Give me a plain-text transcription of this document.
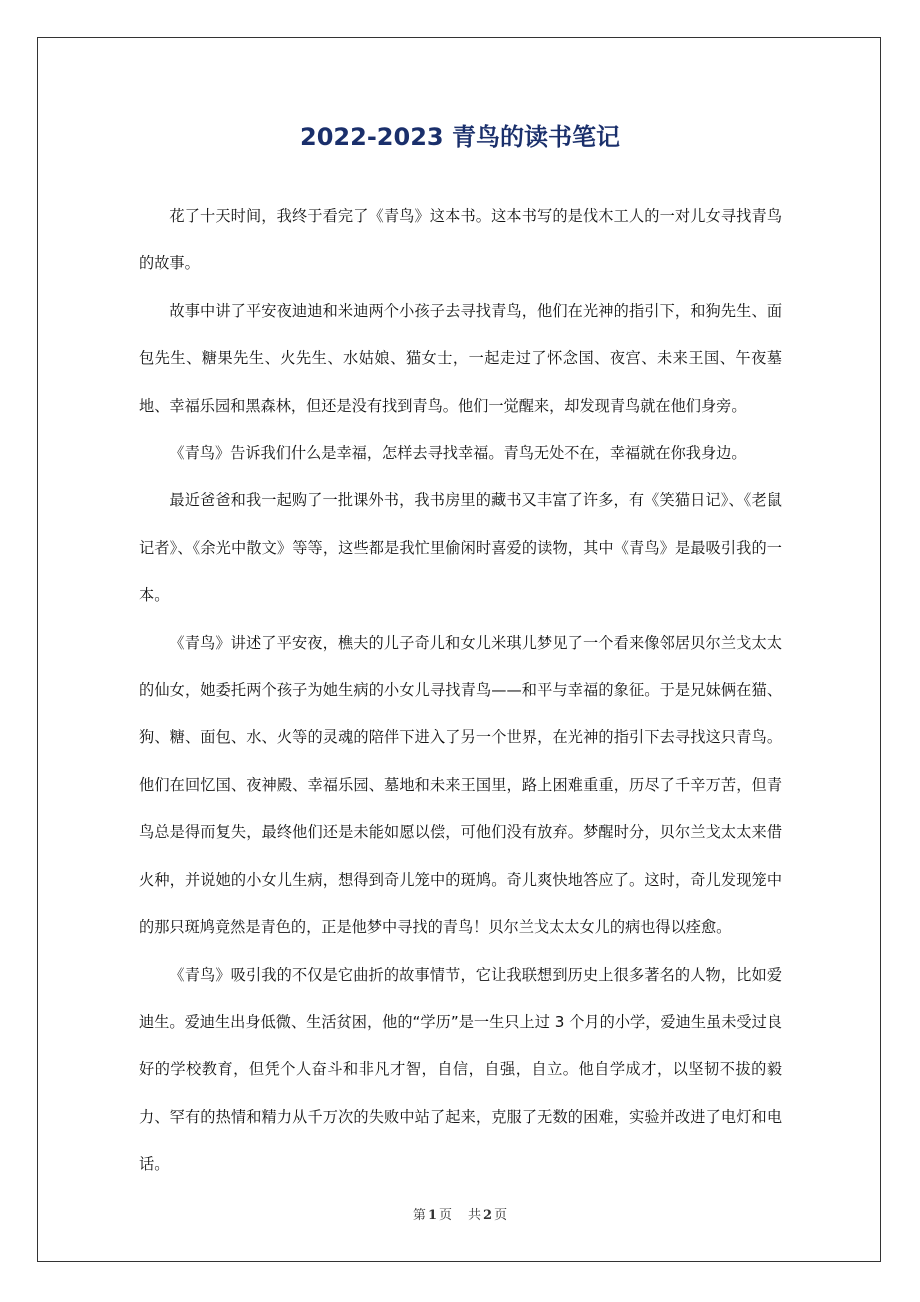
2022-2023 青鸟的读书笔记

花了十天时间，我终于看完了《青鸟》这本书。这本书写的是伐木工人的一对儿女寻找青鸟的故事。

故事中讲了平安夜迪迪和米迪两个小孩子去寻找青鸟，他们在光神的指引下，和狗先生、面包先生、糖果先生、火先生、水姑娘、猫女士，一起走过了怀念国、夜宫、未来王国、午夜墓地、幸福乐园和黑森林，但还是没有找到青鸟。他们一觉醒来，却发现青鸟就在他们身旁。

《青鸟》告诉我们什么是幸福，怎样去寻找幸福。青鸟无处不在，幸福就在你我身边。

最近爸爸和我一起购了一批课外书，我书房里的藏书又丰富了许多，有《笑猫日记》、《老鼠记者》、《余光中散文》等等，这些都是我忙里偷闲时喜爱的读物，其中《青鸟》是最吸引我的一本。

《青鸟》讲述了平安夜，樵夫的儿子奇儿和女儿米琪儿梦见了一个看来像邻居贝尔兰戈太太的仙女，她委托两个孩子为她生病的小女儿寻找青鸟——和平与幸福的象征。于是兄妹俩在猫、狗、糖、面包、水、火等的灵魂的陪伴下进入了另一个世界，在光神的指引下去寻找这只青鸟。他们在回忆国、夜神殿、幸福乐园、墓地和未来王国里，路上困难重重，历尽了千辛万苦，但青鸟总是得而复失，最终他们还是未能如愿以偿，可他们没有放弃。梦醒时分，贝尔兰戈太太来借火种，并说她的小女儿生病，想得到奇儿笼中的斑鸠。奇儿爽快地答应了。这时，奇儿发现笼中的那只斑鸠竟然是青色的，正是他梦中寻找的青鸟！贝尔兰戈太太女儿的病也得以痊愈。

《青鸟》吸引我的不仅是它曲折的故事情节，它让我联想到历史上很多著名的人物，比如爱迪生。爱迪生出身低微、生活贫困，他的“学历”是一生只上过 3 个月的小学，爱迪生虽未受过良好的学校教育，但凭个人奋斗和非凡才智，自信，自强，自立。他自学成才，以坚韧不拔的毅力、罕有的热情和精力从千万次的失败中站了起来，克服了无数的困难，实验并改进了电灯和电话。

第 1 页 共 2 页
